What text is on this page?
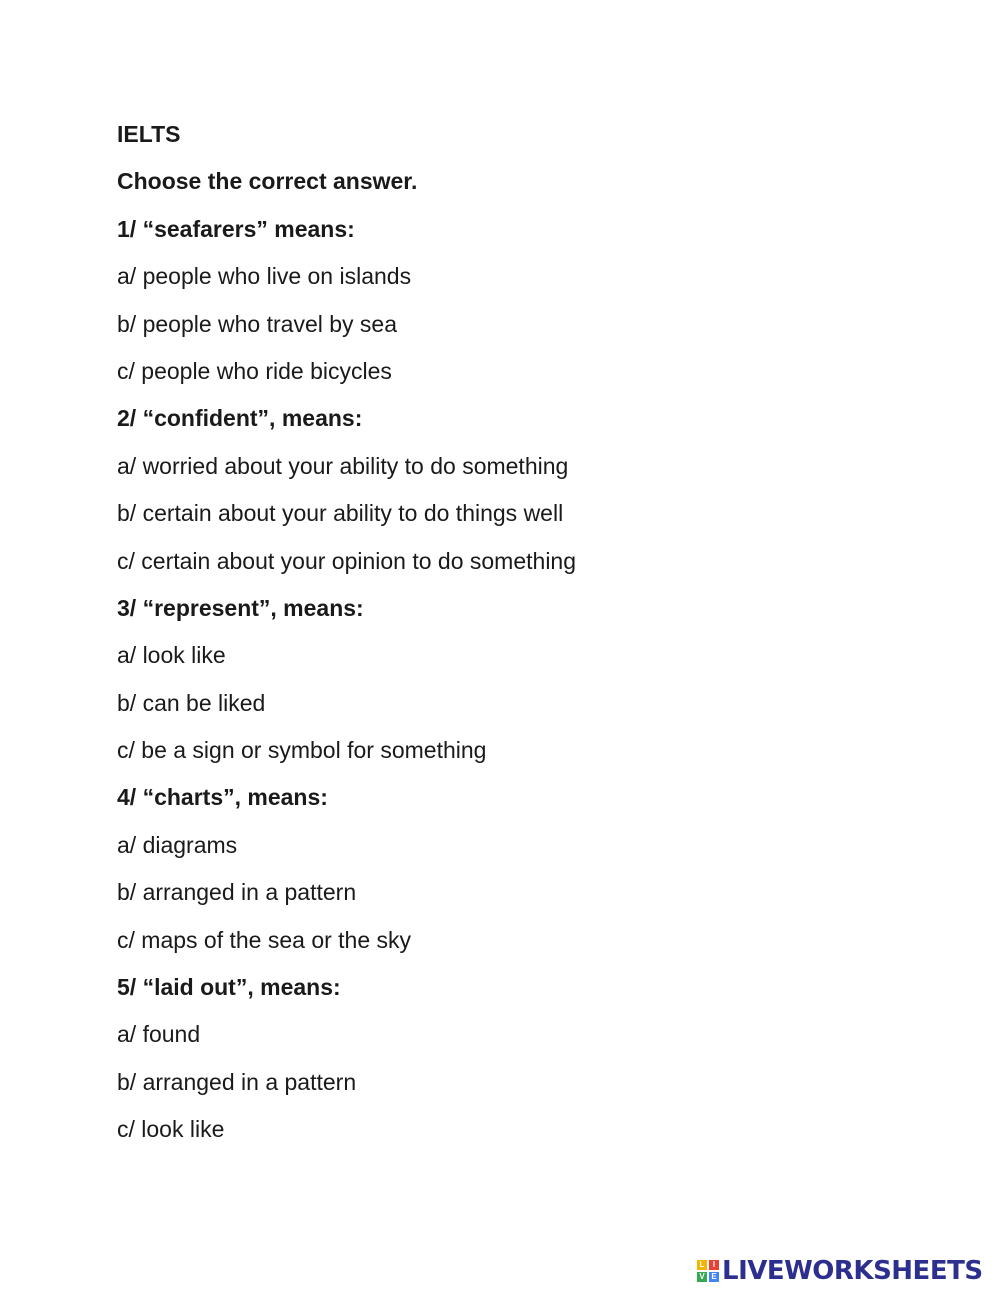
IELTS
Choose the correct answer.
1/ “seafarers” means:
a/ people who live on islands
b/ people who travel by sea
c/ people who ride bicycles
2/ “confident”, means:
a/ worried about your ability to do something
b/ certain about your ability to do things well
c/ certain about your opinion to do something
3/ “represent”, means:
a/ look like
b/ can be liked
c/ be a sign or symbol for something
4/ “charts”, means:
a/ diagrams
b/ arranged in a pattern
c/ maps of the sea or the sky
5/ “laid out”, means:
a/ found
b/ arranged in a pattern
c/ look like
L	I
V E LIVEWORKSHEETS
